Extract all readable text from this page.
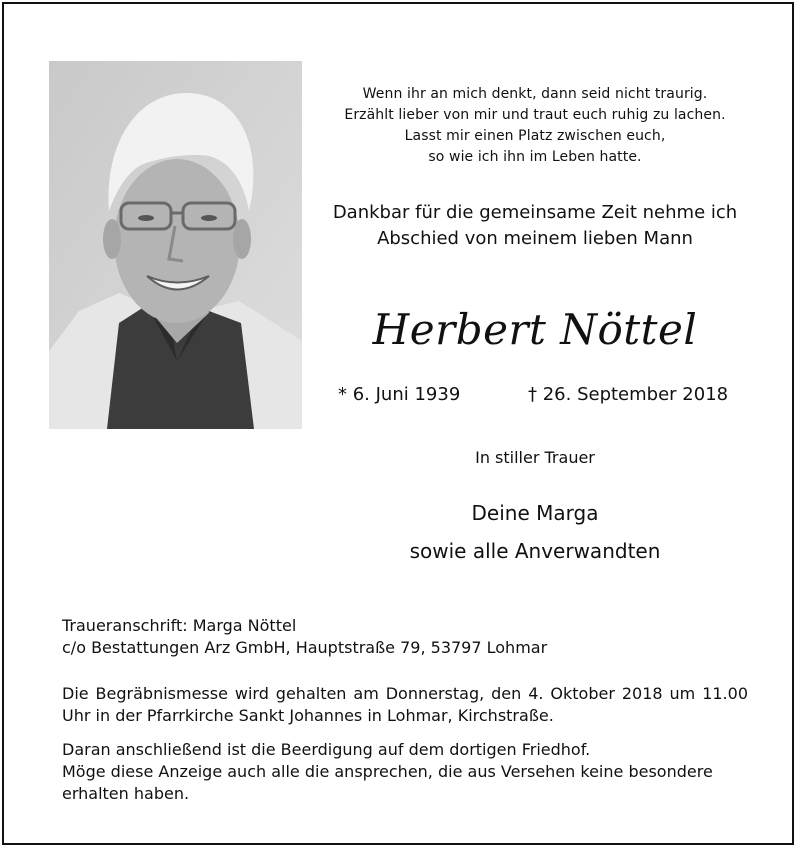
Wenn ihr an mich denkt, dann seid nicht traurig.
Erzählt lieber von mir und traut euch ruhig zu lachen.
Lasst mir einen Platz zwischen euch,
so wie ich ihn im Leben hatte.
Dankbar für die gemeinsame Zeit nehme ich
Abschied von meinem lieben Mann
Herbert Nöttel
* 6. Juni 1939	† 26. September 2018
In stiller Trauer
Deine Marga
sowie alle Anverwandten
Traueranschrift: Marga Nöttel
c/o Bestattungen Arz GmbH, Hauptstraße 79, 53797 Lohmar
Die Begräbnismesse wird gehalten am Donnerstag, den 4. Oktober 2018 um 11.00 Uhr in der Pfarrkirche Sankt Johannes in Lohmar, Kirchstraße.
Daran anschließend ist die Beerdigung auf dem dortigen Friedhof.
Möge diese Anzeige auch alle die ansprechen, die aus Versehen keine besondere
erhalten haben.
